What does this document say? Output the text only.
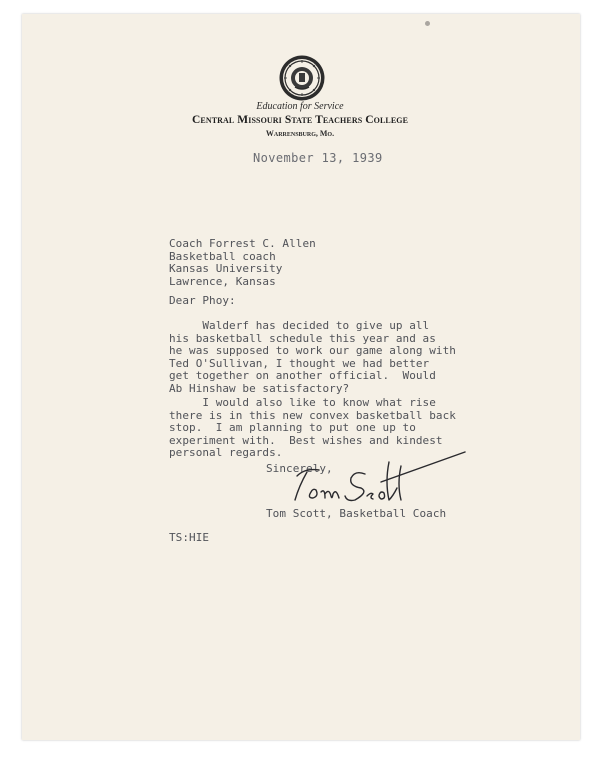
Education for Service
Central Missouri State Teachers College
Warrensburg, Mo.
November 13, 1939
Coach Forrest C. Allen
Basketball coach
Kansas University
Lawrence, Kansas
Dear Phoy:
Walderf has decided to give up all
his basketball schedule this year and as
he was supposed to work our game along with
Ted O'Sullivan, I thought we had better
get together on another official.  Would
Ab Hinshaw be satisfactory?
I would also like to know what rise
there is in this new convex basketball back
stop.  I am planning to put one up to
experiment with.  Best wishes and kindest
personal regards.
Sincerely,
Tom Scott, Basketball Coach
TS:HIE
